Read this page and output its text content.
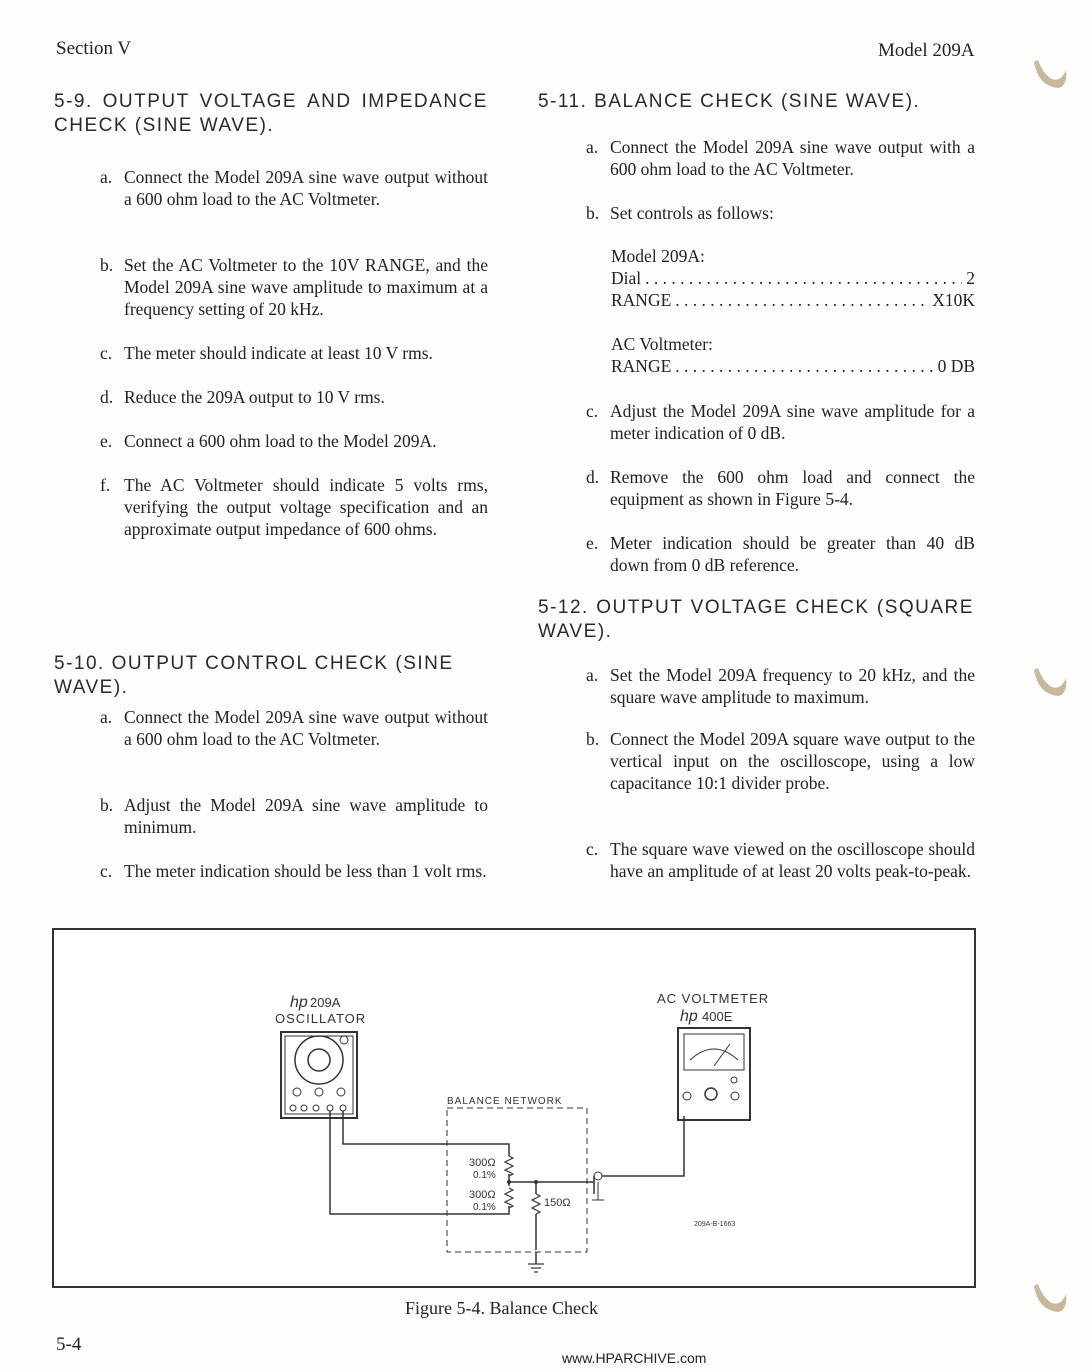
Section V	Model 209A
5-9. OUTPUT VOLTAGE AND IMPEDANCE
CHECK (SINE WAVE).
a. Connect the Model 209A sine wave output without a 600 ohm load to the AC Voltmeter.
b. Set the AC Voltmeter to the 10V RANGE, and the Model 209A sine wave amplitude to maximum at a frequency setting of 20 kHz.
c. The meter should indicate at least 10 V rms.
d. Reduce the 209A output to 10 V rms.
e. Connect a 600 ohm load to the Model 209A.
f. The AC Voltmeter should indicate 5 volts rms, verifying the output voltage specification and an approximate output impedance of 600 ohms.
5-10. OUTPUT CONTROL CHECK (SINE WAVE).
a. Connect the Model 209A sine wave output without a 600 ohm load to the AC Voltmeter.
b. Adjust the Model 209A sine wave amplitude to minimum.
c. The meter indication should be less than 1 volt rms.
5-11. BALANCE CHECK (SINE WAVE).
a. Connect the Model 209A sine wave output with a 600 ohm load to the AC Voltmeter.
b. Set controls as follows:
Model 209A:
Dial . . .	2
RANGE . . .	X10K
AC Voltmeter:
RANGE . . .	0 DB
c. Adjust the Model 209A sine wave amplitude for a meter indication of 0 dB.
d. Remove the 600 ohm load and connect the equipment as shown in Figure 5-4.
e. Meter indication should be greater than 40 dB down from 0 dB reference.
5-12. OUTPUT VOLTAGE CHECK (SQUARE
WAVE).
a. Set the Model 209A frequency to 20 kHz, and the square wave amplitude to maximum.
b. Connect the Model 209A square wave output to the vertical input on the oscilloscope, using a low capacitance 10:1 divider probe.
c. The square wave viewed on the oscilloscope should have an amplitude of at least 20 volts peak-to-peak.
hp 209A
OSCILLATOR
AC VOLTMETER
hp 400E
BALANCE NETWORK
300Ω
0.1%
300Ω
0.1%	150Ω
209A-B-1663
Figure 5-4. Balance Check
5-4
www.HPARCHIVE.com
